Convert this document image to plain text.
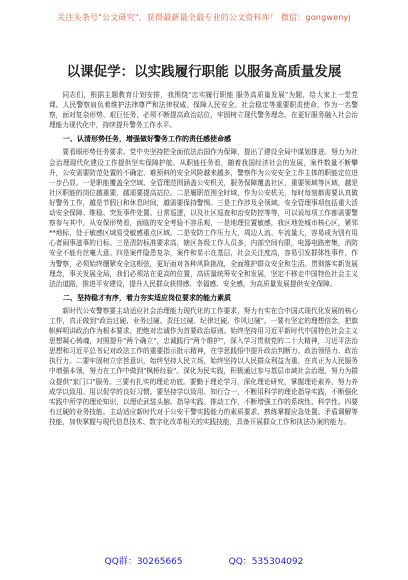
关注头条号"公文研究"，获得最新最全最专业的公文资料库！ 微信：gongwenyj
以课促学：以实践履行职能 以服务高质量发展

同志们，根据主题教育计划安排，我围绕"忠实履行职能 服务高质量发展"为题，给大家上一堂党课。人民警察肩负着维护法律尊严和法律权威、保障人民安全、社会稳定等重要职责使命，作为一名警察，面对复杂形势、艰巨任务，必须不断提高政治站位，牢固树立现代警务理念，在更好服务融入社会治理能力现代化中，持续提升警务工作水平。

一、认清形势任务，增强做好警务工作的责任感使命感

要看眼形势任务要求。党中央坚持把全面依法治国作为保障，提出了建设全局中谋划推进。努力为社会治理现代化建设工作提供坚实保障护航。从职能任务看，随着我国经济社会的发展，案件数量不断攀升，公安需要防范处置的不确定、难预料的安全风险越来越多，警察作为公安安全工作主体的职能定位进一步凸显。一是职能覆盖全空域、全管理范围涵盖公安机关，服务保障覆盖社区，重要领域等区域，越是社区职能的岗位越重要，越需要提高站位。二是履职范围全时域，作为公安机关，每时每刻都需要认真做好警务工作，越是节假日和休息时间，越需要保持警惕。三是工作涉及全领域。安全管理事项包括重大活动安全保障、维稳、突发事件处置、日常巡逻，以及社区巡查和治安防控等等，可以说每项工作都需要警察参与其中，从安保形势看，面临的安全考验不容乐观，一是地理位置敏感，我区地处城市核心区，紧邻**地标，处于敏感区域易受敏感重点区域。二是安防工作压力大，周边人流、车流量大，容易成为别有用心者闹事滋事的目标。三是清防标准要求高，辖区各级工作人员多，内部空间有限，电器电路密集，消防安全不能有丝毫大意。四是案件隐患复杂，案件和显示在基层，社会关注度高，容易引发群体性事件，作为警察，必须始终绷紧安全这根弦，更好面对各种风险挑战，全面维护群众安全和生活。贯彻落实新发展理念，事关发展全局，我们必须站在更高的位置，高质量统筹安全和发展，坚定不移走中国特色社会主义法治道路，推进平安建设，提升人民群众获得感、幸福感、安全感，为高质量发展提供安全保障。

二、坚持稳才有序，着力夯实适应岗位要求的能力素质

新时代公安警察要主动适应社会治理能力现代化的工作要求，努力有实在合中国式现代化发展的核心工作，真正做到"政治过硬、业务过硬、责任过硬、纪律过硬、作风过硬"。一要有坚定的理想信念，把旗帜鲜明讲政治作为根本要求，把绝对忠诚作为首要政治原则。始终坚持用习近平新时代中国特色社会主义思想凝心铸魂，对照提升"两个确立"，忠诚践行"两个维护"，深入学习贯彻党的二十大精神，习近平法治思想和习近平总书记对政法工作的重要指示批示精神，在学思践悟中提升政治判断力、政治领悟力、政治执行力。二要牢固树立宗旨意识，始终坚持人民立场，始终坚持以人民群众利益为重，在真正为人民服务中增强本领，努力在工作中做到"枫桥经验"。深化为民实践，积极通过参与基层市域社会治理，努力为群众提供"家门口"服务。三要有扎实的理论功底。要勤于理论学习，深化理论研究，掌握理论素养，努力养成学以致用、用以促学的良好习惯。要坚持学以致用、知行合一，不断用科学的理论指导实践，不断强化实践中所学的理论知识，以理论武装头脑、指导实践、推动工作，不断增强工作的系统性、科学性。四要有过硬的业务技能。主动适应新时代对于公安干警实践能力的素质要求，熟练掌握应急处置、矛盾调解等技能，加快掌握与现代信息技术、数字化改革相关的实践技能，具备开展群众工作和执法办案的能力。

QQ群：30265665	QQ：535304092
